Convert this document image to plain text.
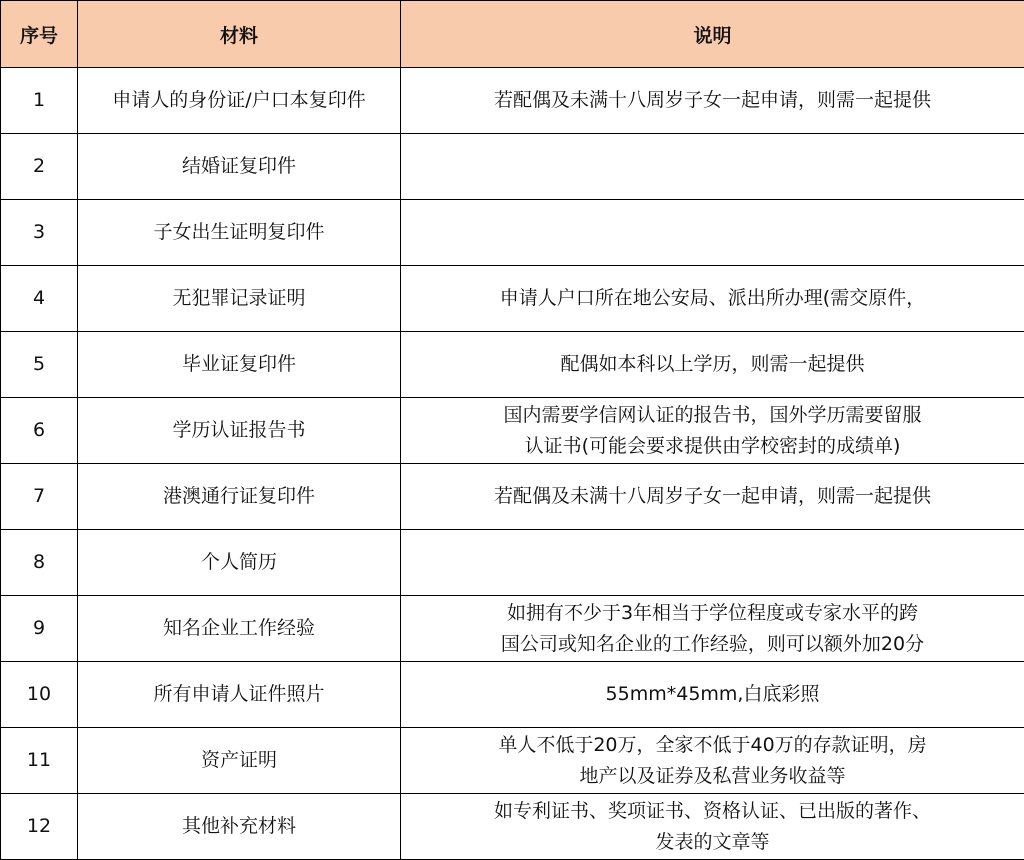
序号	材料	说明
1	申请人的身份证/户口本复印件	若配偶及未满十八周岁子女一起申请，则需一起提供
2	结婚证复印件	
3	子女出生证明复印件	
4	无犯罪记录证明	申请人户口所在地公安局、派出所办理(需交原件，
5	毕业证复印件	配偶如本科以上学历，则需一起提供
6	学历认证报告书	国内需要学信网认证的报告书，国外学历需要留服
认证书(可能会要求提供由学校密封的成绩单)
7	港澳通行证复印件	若配偶及未满十八周岁子女一起申请，则需一起提供
8	个人简历	
9	知名企业工作经验	如拥有不少于3年相当于学位程度或专家水平的跨
国公司或知名企业的工作经验，则可以额外加20分
10	所有申请人证件照片	55mm*45mm,白底彩照
11	资产证明	单人不低于20万，全家不低于40万的存款证明，房
地产以及证券及私营业务收益等
12	其他补充材料	如专利证书、奖项证书、资格认证、已出版的著作、
发表的文章等
